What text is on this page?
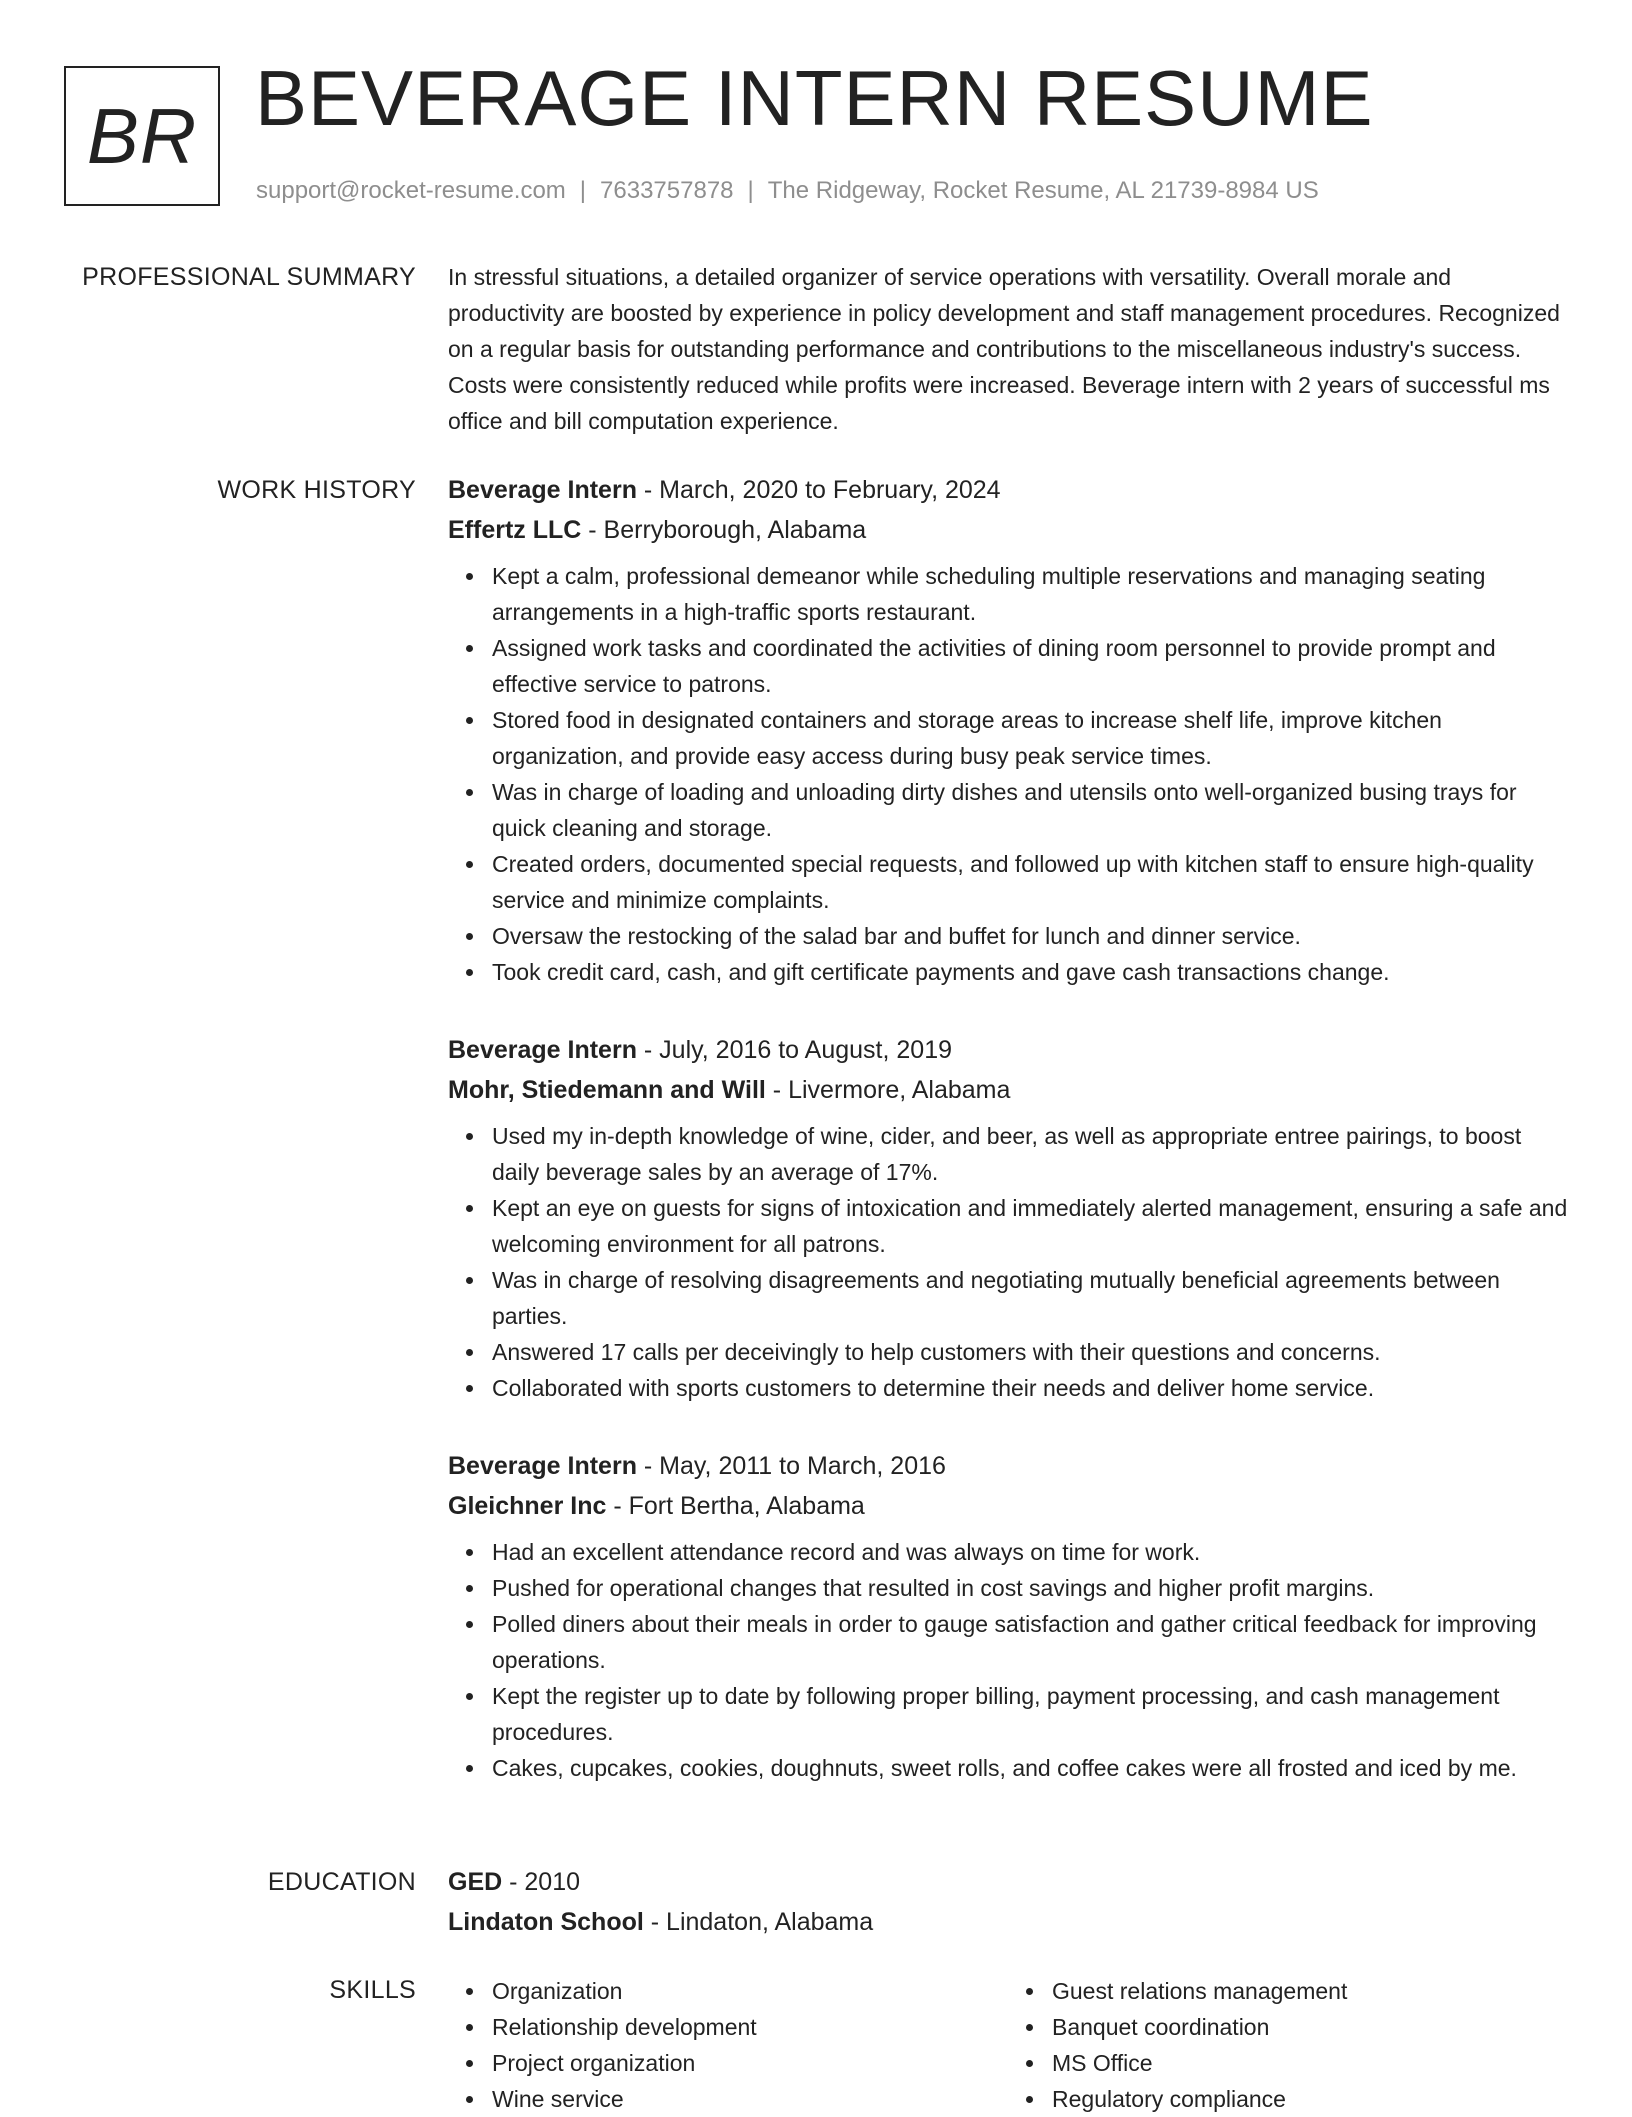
BR BEVERAGE INTERN RESUME
support@rocket-resume.com | 7633757878 | The Ridgeway, Rocket Resume, AL 21739-8984 US
PROFESSIONAL SUMMARY In stressful situations, a detailed organizer of service operations with versatility. Overall morale and productivity are boosted by experience in policy development and staff management procedures. Recognized on a regular basis for outstanding performance and contributions to the miscellaneous industry's success. Costs were consistently reduced while profits were increased. Beverage intern with 2 years of successful ms office and bill computation experience.

WORK HISTORY Beverage Intern - March, 2020 to February, 2024

Effertz LLC - Berryborough, Alabama

Kept a calm, professional demeanor while scheduling multiple reservations and managing seating arrangements in a high-traffic sports restaurant.
Assigned work tasks and coordinated the activities of dining room personnel to provide prompt and effective service to patrons.
Stored food in designated containers and storage areas to increase shelf life, improve kitchen organization, and provide easy access during busy peak service times.
Was in charge of loading and unloading dirty dishes and utensils onto well-organized busing trays for quick cleaning and storage.
Created orders, documented special requests, and followed up with kitchen staff to ensure high-quality service and minimize complaints.
Oversaw the restocking of the salad bar and buffet for lunch and dinner service.
Took credit card, cash, and gift certificate payments and gave cash transactions change.

Beverage Intern - July, 2016 to August, 2019

Mohr, Stiedemann and Will - Livermore, Alabama

Used my in-depth knowledge of wine, cider, and beer, as well as appropriate entree pairings, to boost daily beverage sales by an average of 17%.
Kept an eye on guests for signs of intoxication and immediately alerted management, ensuring a safe and welcoming environment for all patrons.
Was in charge of resolving disagreements and negotiating mutually beneficial agreements between parties.
Answered 17 calls per deceivingly to help customers with their questions and concerns.
Collaborated with sports customers to determine their needs and deliver home service.

Beverage Intern - May, 2011 to March, 2016

Gleichner Inc - Fort Bertha, Alabama

Had an excellent attendance record and was always on time for work.
Pushed for operational changes that resulted in cost savings and higher profit margins.
Polled diners about their meals in order to gauge satisfaction and gather critical feedback for improving operations.
Kept the register up to date by following proper billing, payment processing, and cash management procedures.
Cakes, cupcakes, cookies, doughnuts, sweet rolls, and coffee cakes were all frosted and iced by me.
EDUCATION GED - 2010

Lindaton School - Lindaton, Alabama

SKILLS	Organization
Relationship development
Project organization
Wine service
Guest relations management
Banquet coordination
MS Office
Regulatory compliance
